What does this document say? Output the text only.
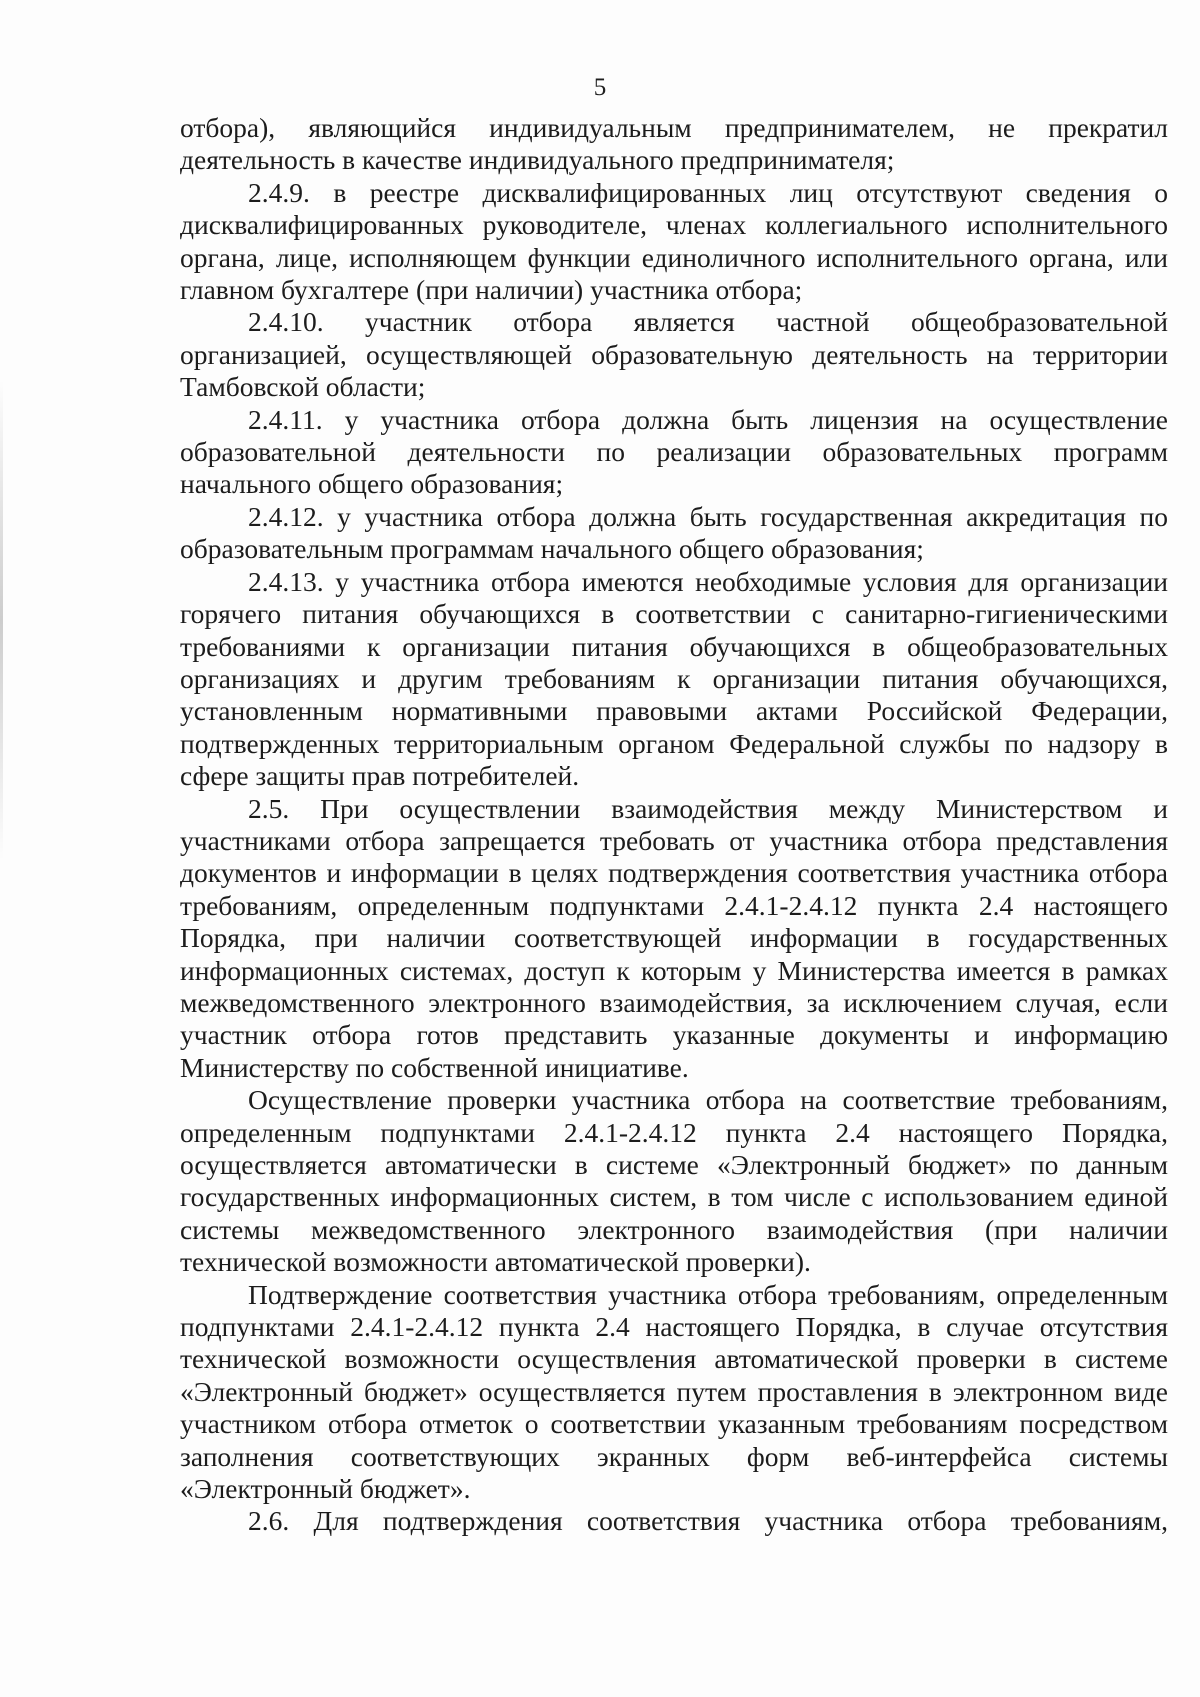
5

отбора), являющийся индивидуальным предпринимателем, не прекратил деятельность в качестве индивидуального предпринимателя;

2.4.9. в реестре дисквалифицированных лиц отсутствуют сведения о дисквалифицированных руководителе, членах коллегиального исполнительного органа, лице, исполняющем функции единоличного исполнительного органа, или главном бухгалтере (при наличии) участника отбора;

2.4.10. участник отбора является частной общеобразовательной организацией, осуществляющей образовательную деятельность на территории Тамбовской области;

2.4.11. у участника отбора должна быть лицензия на осуществление образовательной деятельности по реализации образовательных программ начального общего образования;

2.4.12. у участника отбора должна быть государственная аккредитация по образовательным программам начального общего образования;

2.4.13. у участника отбора имеются необходимые условия для организации горячего питания обучающихся в соответствии с санитарно-гигиеническими требованиями к организации питания обучающихся в общеобразовательных организациях и другим требованиям к организации питания обучающихся, установленным нормативными правовыми актами Российской Федерации, подтвержденных территориальным органом Федеральной службы по надзору в сфере защиты прав потребителей.

2.5. При осуществлении взаимодействия между Министерством и участниками отбора запрещается требовать от участника отбора представления документов и информации в целях подтверждения соответствия участника отбора требованиям, определенным подпунктами 2.4.1-2.4.12 пункта 2.4 настоящего Порядка, при наличии соответствующей информации в государственных информационных системах, доступ к которым у Министерства имеется в рамках межведомственного электронного взаимодействия, за исключением случая, если участник отбора готов представить указанные документы и информацию Министерству по собственной инициативе.

Осуществление проверки участника отбора на соответствие требованиям, определенным подпунктами 2.4.1-2.4.12 пункта 2.4 настоящего Порядка, осуществляется автоматически в системе «Электронный бюджет» по данным государственных информационных систем, в том числе с использованием единой системы межведомственного электронного взаимодействия (при наличии технической возможности автоматической проверки).

Подтверждение соответствия участника отбора требованиям, определенным подпунктами 2.4.1-2.4.12 пункта 2.4 настоящего Порядка, в случае отсутствия технической возможности осуществления автоматической проверки в системе «Электронный бюджет» осуществляется путем проставления в электронном виде участником отбора отметок о соответствии указанным требованиям посредством заполнения соответствующих экранных форм веб-интерфейса системы «Электронный бюджет».

2.6. Для подтверждения соответствия участника отбора требованиям,
